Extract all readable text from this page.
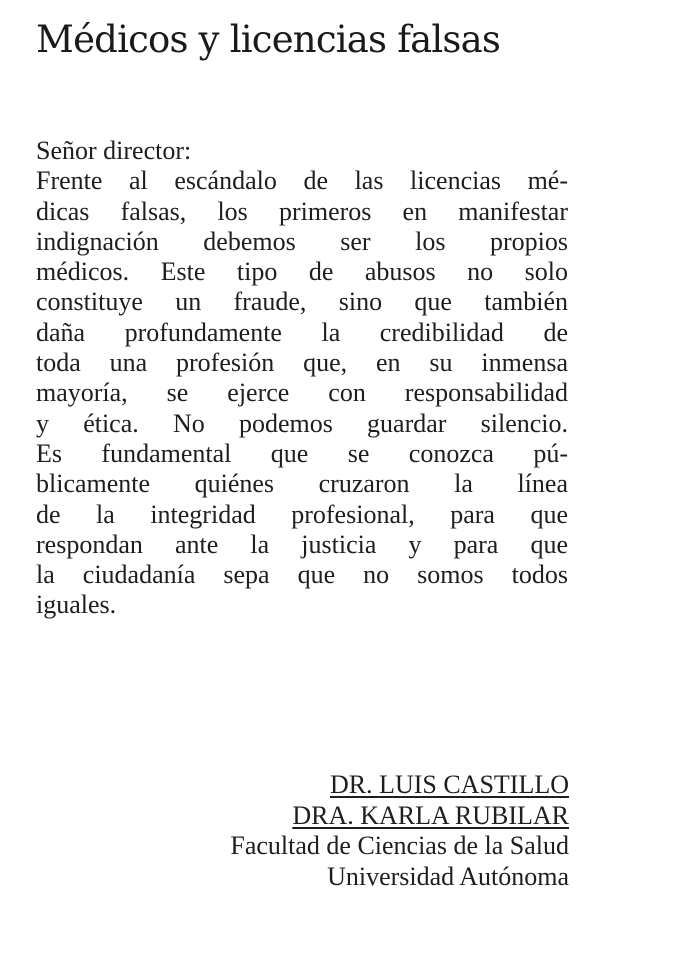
Médicos y licencias falsas

Señor director:

Frente al escándalo de las licencias mé-
dicas falsas, los primeros en manifestar
indignación debemos ser los propios
médicos. Este tipo de abusos no solo
constituye un fraude, sino que también
daña profundamente la credibilidad de
toda una profesión que, en su inmensa
mayoría, se ejerce con responsabilidad
y ética. No podemos guardar silencio.
Es fundamental que se conozca pú-
blicamente quiénes cruzaron la línea
de la integridad profesional, para que
respondan ante la justicia y para que
la ciudadanía sepa que no somos todos
iguales.
DR. LUIS CASTILLO
DRA. KARLA RUBILAR
Facultad de Ciencias de la Salud
Universidad Autónoma
